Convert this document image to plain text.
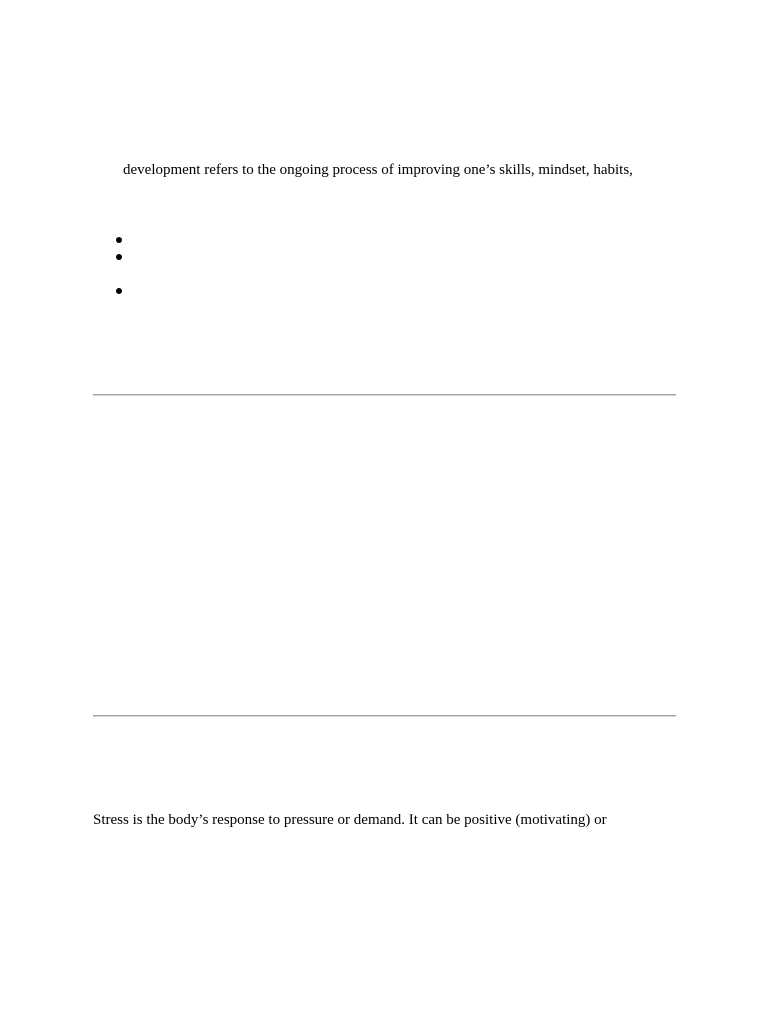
development refers to the ongoing process of improving one’s skills, mindset, habits,

Stress is the body’s response to pressure or demand. It can be positive (motivating) or
